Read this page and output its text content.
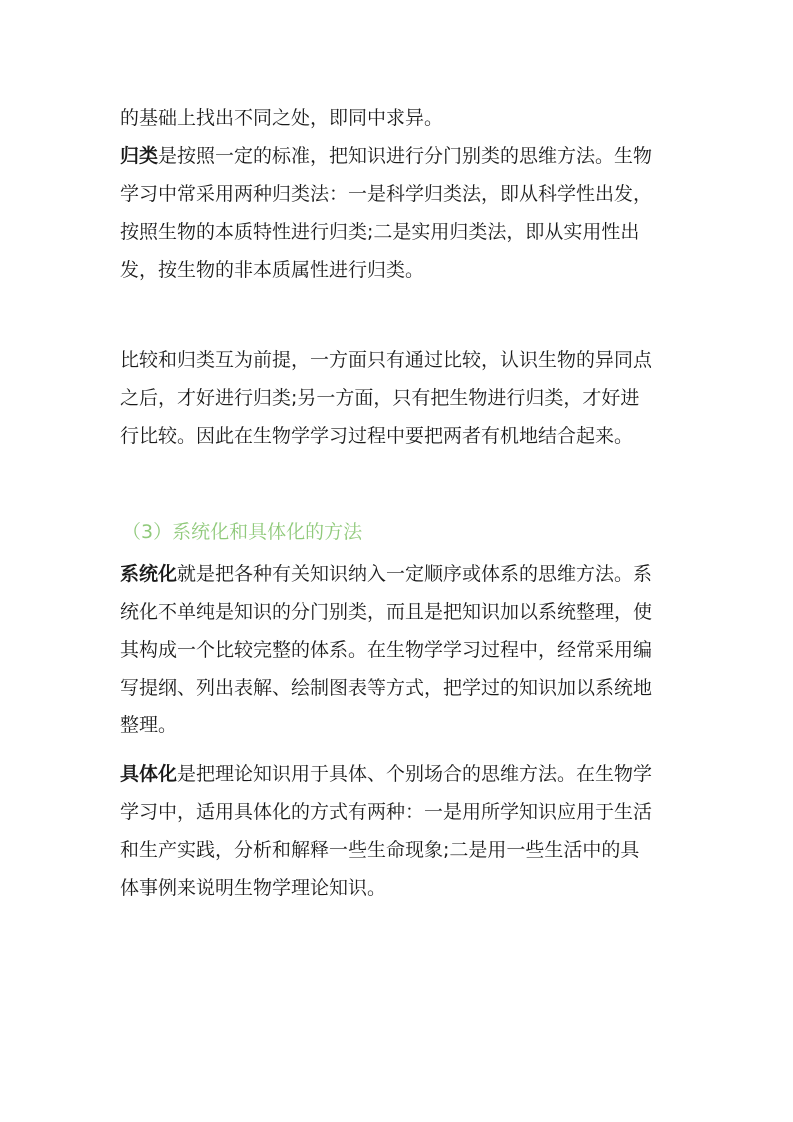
的基础上找出不同之处，即同中求异。
归类是按照一定的标准，把知识进行分门别类的思维方法。生物
学习中常采用两种归类法：一是科学归类法，即从科学性出发，
按照生物的本质特性进行归类;二是实用归类法，即从实用性出
发，按生物的非本质属性进行归类。
比较和归类互为前提，一方面只有通过比较，认识生物的异同点
之后，才好进行归类;另一方面，只有把生物进行归类，才好进
行比较。因此在生物学学习过程中要把两者有机地结合起来。
（3）系统化和具体化的方法
系统化就是把各种有关知识纳入一定顺序或体系的思维方法。系
统化不单纯是知识的分门别类，而且是把知识加以系统整理，使
其构成一个比较完整的体系。在生物学学习过程中，经常采用编
写提纲、列出表解、绘制图表等方式，把学过的知识加以系统地
整理。
具体化是把理论知识用于具体、个别场合的思维方法。在生物学
学习中，适用具体化的方式有两种：一是用所学知识应用于生活
和生产实践，分析和解释一些生命现象;二是用一些生活中的具
体事例来说明生物学理论知识。
